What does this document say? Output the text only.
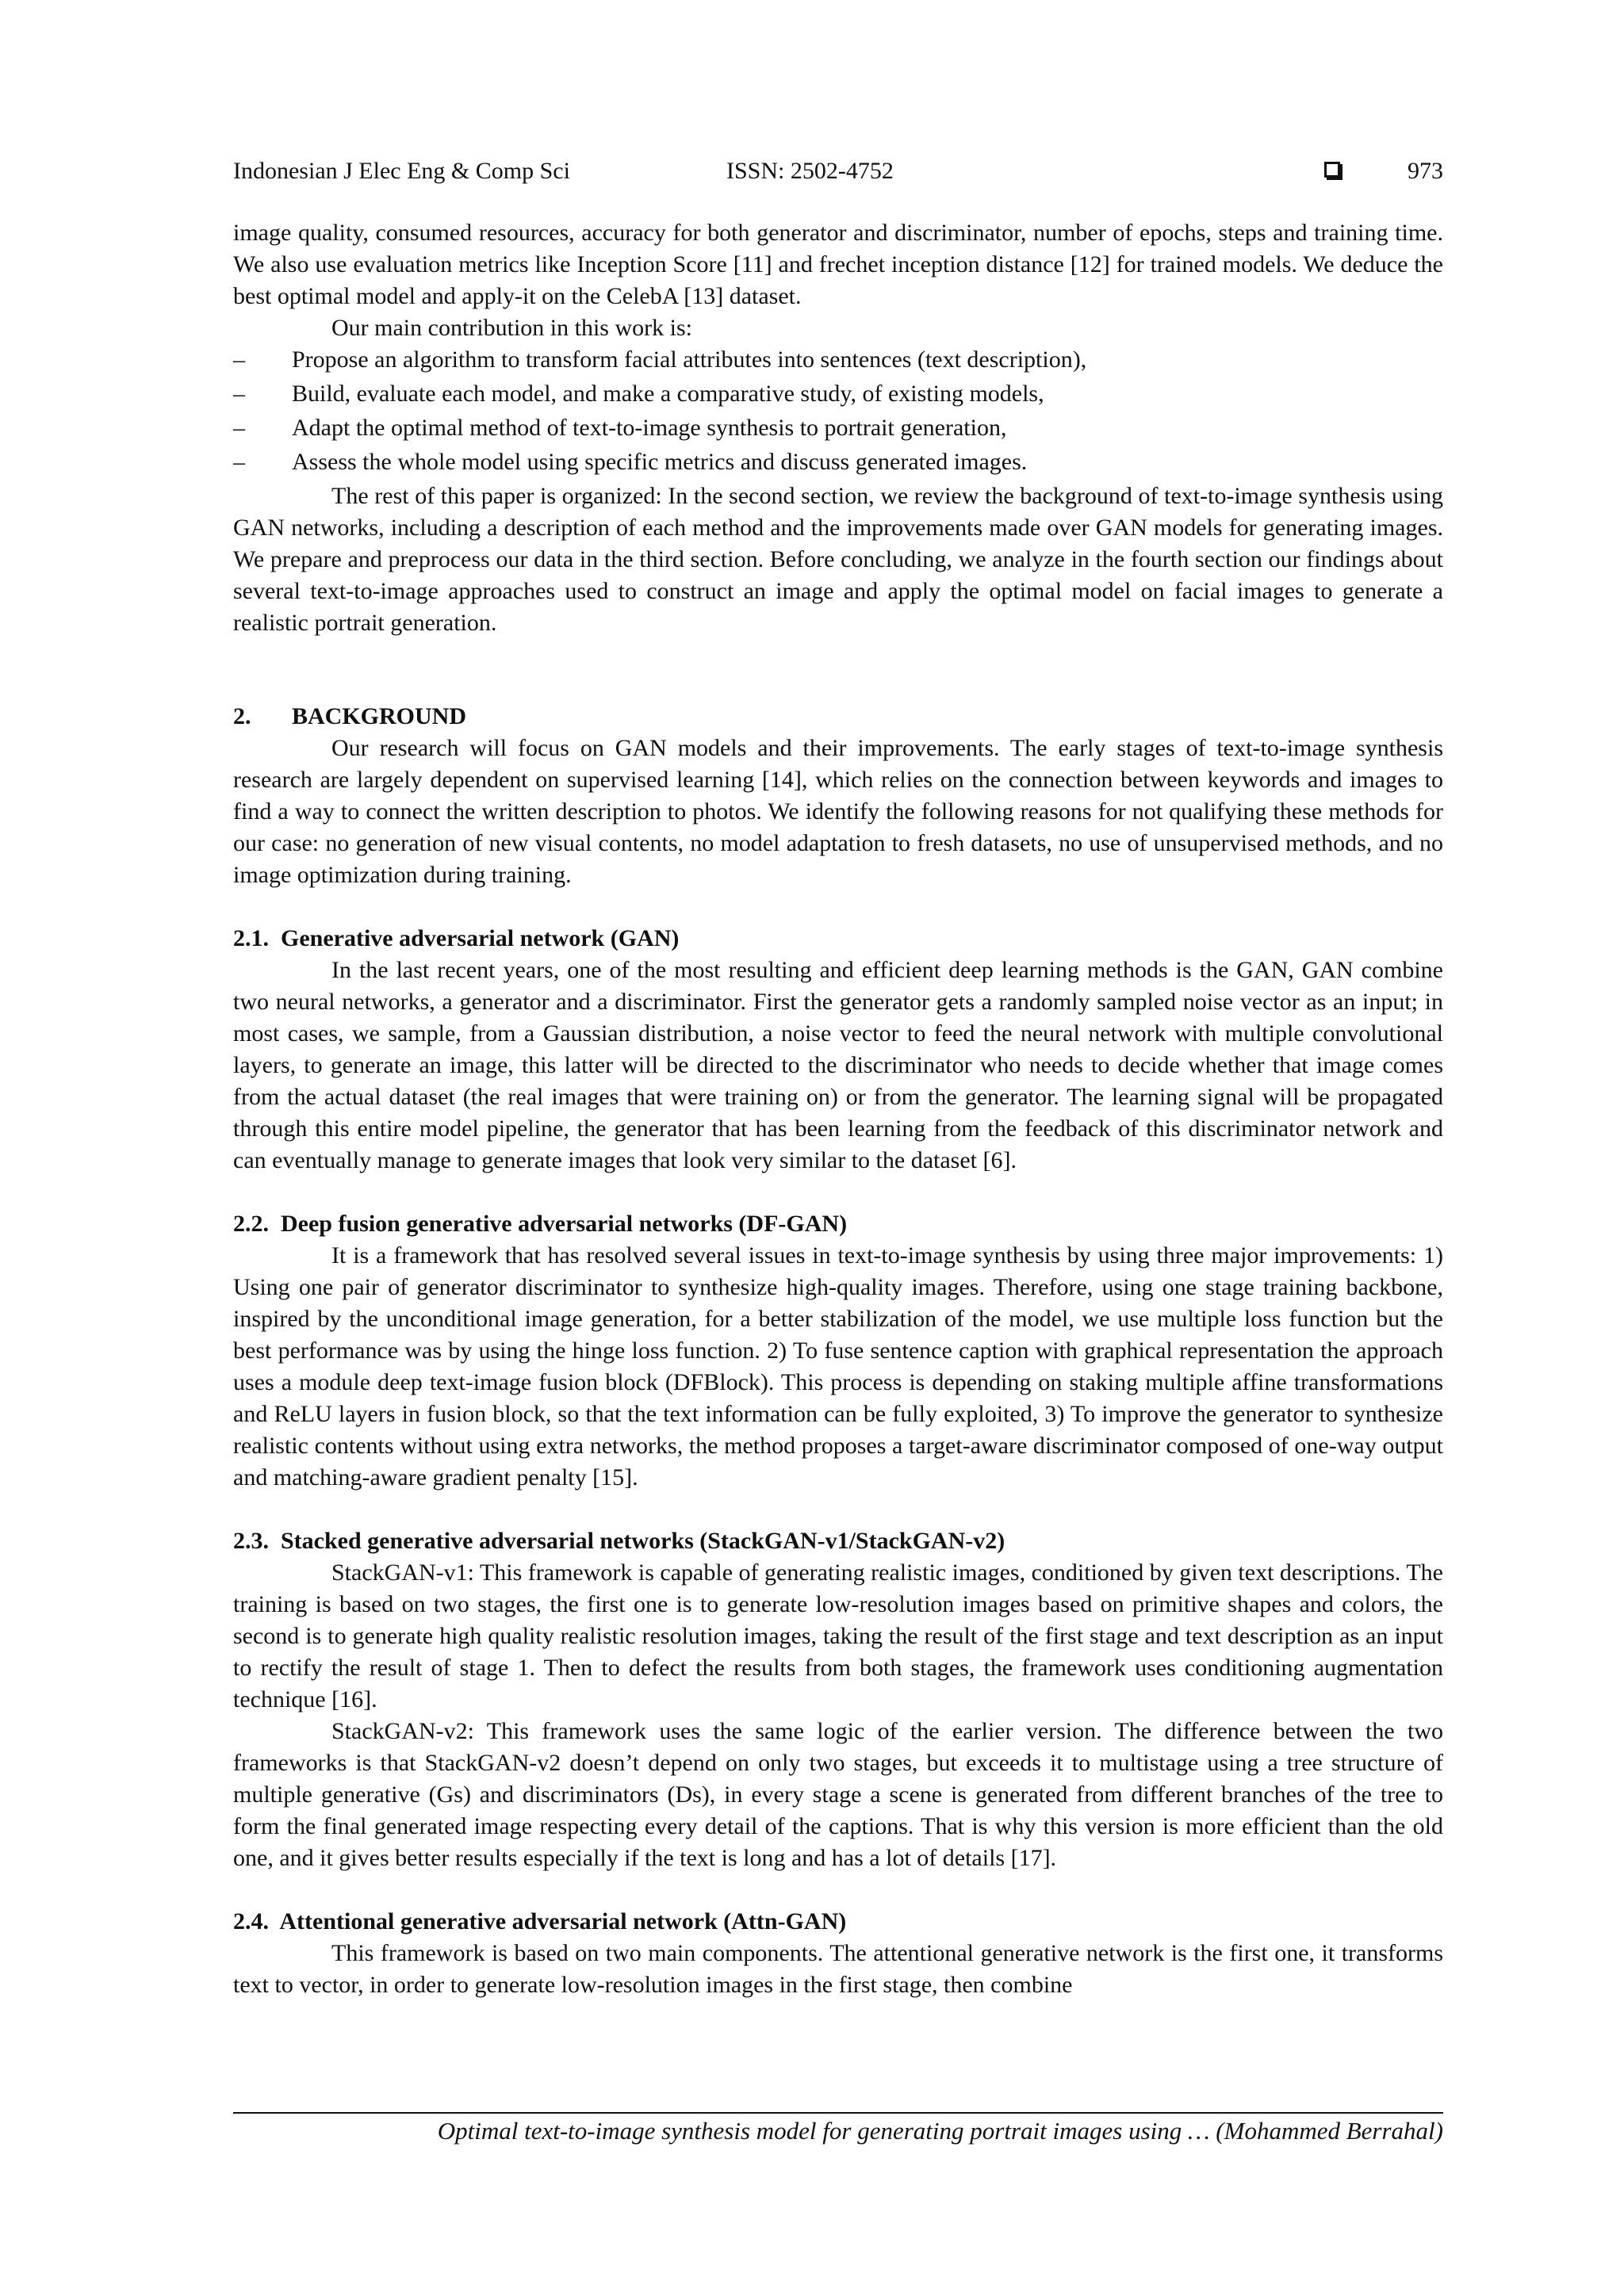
Indonesian J Elec Eng & Comp Sci	ISSN: 2502-4752	973

image quality, consumed resources, accuracy for both generator and discriminator, number of epochs, steps and training time. We also use evaluation metrics like Inception Score [11] and frechet inception distance [12] for trained models. We deduce the best optimal model and apply-it on the CelebA [13] dataset.

Our main contribution in this work is:

– Propose an algorithm to transform facial attributes into sentences (text description),
– Build, evaluate each model, and make a comparative study, of existing models,
– Adapt the optimal method of text-to-image synthesis to portrait generation,
– Assess the whole model using specific metrics and discuss generated images.

The rest of this paper is organized: In the second section, we review the background of text-to-image synthesis using GAN networks, including a description of each method and the improvements made over GAN models for generating images. We prepare and preprocess our data in the third section. Before concluding, we analyze in the fourth section our findings about several text-to-image approaches used to construct an image and apply the optimal model on facial images to generate a realistic portrait generation.

2. BACKGROUND

Our research will focus on GAN models and their improvements. The early stages of text-to-image synthesis research are largely dependent on supervised learning [14], which relies on the connection between keywords and images to find a way to connect the written description to photos. We identify the following reasons for not qualifying these methods for our case: no generation of new visual contents, no model adaptation to fresh datasets, no use of unsupervised methods, and no image optimization during training.

2.1. Generative adversarial network (GAN)

In the last recent years, one of the most resulting and efficient deep learning methods is the GAN, GAN combine two neural networks, a generator and a discriminator. First the generator gets a randomly sampled noise vector as an input; in most cases, we sample, from a Gaussian distribution, a noise vector to feed the neural network with multiple convolutional layers, to generate an image, this latter will be directed to the discriminator who needs to decide whether that image comes from the actual dataset (the real images that were training on) or from the generator. The learning signal will be propagated through this entire model pipeline, the generator that has been learning from the feedback of this discriminator network and can eventually manage to generate images that look very similar to the dataset [6].

2.2. Deep fusion generative adversarial networks (DF-GAN)

It is a framework that has resolved several issues in text-to-image synthesis by using three major improvements: 1) Using one pair of generator discriminator to synthesize high-quality images. Therefore, using one stage training backbone, inspired by the unconditional image generation, for a better stabilization of the model, we use multiple loss function but the best performance was by using the hinge loss function. 2) To fuse sentence caption with graphical representation the approach uses a module deep text-image fusion block (DFBlock). This process is depending on staking multiple affine transformations and ReLU layers in fusion block, so that the text information can be fully exploited, 3) To improve the generator to synthesize realistic contents without using extra networks, the method proposes a target-aware discriminator composed of one-way output and matching-aware gradient penalty [15].

2.3. Stacked generative adversarial networks (StackGAN-v1/StackGAN-v2)

StackGAN-v1: This framework is capable of generating realistic images, conditioned by given text descriptions. The training is based on two stages, the first one is to generate low-resolution images based on primitive shapes and colors, the second is to generate high quality realistic resolution images, taking the result of the first stage and text description as an input to rectify the result of stage 1. Then to defect the results from both stages, the framework uses conditioning augmentation technique [16].

StackGAN-v2: This framework uses the same logic of the earlier version. The difference between the two frameworks is that StackGAN-v2 doesn’t depend on only two stages, but exceeds it to multistage using a tree structure of multiple generative (Gs) and discriminators (Ds), in every stage a scene is generated from different branches of the tree to form the final generated image respecting every detail of the captions. That is why this version is more efficient than the old one, and it gives better results especially if the text is long and has a lot of details [17].

2.4. Attentional generative adversarial network (Attn-GAN)

This framework is based on two main components. The attentional generative network is the first one, it transforms text to vector, in order to generate low-resolution images in the first stage, then combine

Optimal text-to-image synthesis model for generating portrait images using … (Mohammed Berrahal)
